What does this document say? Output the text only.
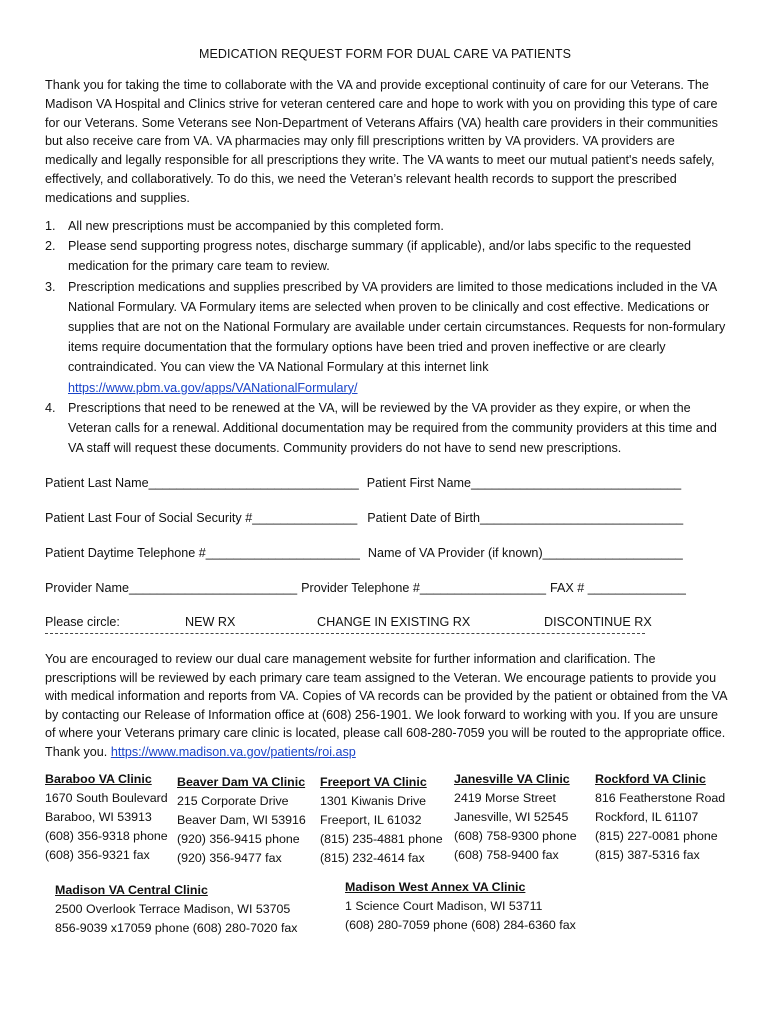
MEDICATION REQUEST FORM FOR DUAL CARE VA PATIENTS

Thank you for taking the time to collaborate with the VA and provide exceptional continuity of care for our Veterans. The Madison VA Hospital and Clinics strive for veteran centered care and hope to work with you on providing this type of care for our Veterans. Some Veterans see Non-Department of Veterans Affairs (VA) health care providers in their communities but also receive care from VA. VA pharmacies may only fill prescriptions written by VA providers. VA providers are medically and legally responsible for all prescriptions they write. The VA wants to meet our mutual patient's needs safely, effectively, and collaboratively. To do this, we need the Veteran’s relevant health records to support the prescribed medications and supplies.

1. All new prescriptions must be accompanied by this completed form.
2. Please send supporting progress notes, discharge summary (if applicable), and/or labs specific to the requested medication for the primary care team to review.
3. Prescription medications and supplies prescribed by VA providers are limited to those medications included in the VA National Formulary. VA Formulary items are selected when proven to be clinically and cost effective. Medications or supplies that are not on the National Formulary are available under certain circumstances. Requests for non-formulary items require documentation that the formulary options have been tried and proven ineffective or are clearly contraindicated. You can view the VA National Formulary at this internet link
https://www.pbm.va.gov/apps/VANationalFormulary/
4. Prescriptions that need to be renewed at the VA, will be reviewed by the VA provider as they expire, or when the Veteran calls for a renewal. Additional documentation may be required from the community providers at this time and VA staff will request these documents. Community providers do not have to send new prescriptions.
Patient Last Name______________________________ Patient First Name______________________________
Patient Last Four of Social Security #_______________ Patient Date of Birth_____________________________
Patient Daytime Telephone #______________________ Name of VA Provider (if known)____________________
Provider Name________________________ Provider Telephone #__________________ FAX # ______________
Please circle:	NEW RX	CHANGE IN EXISTING RX	DISCONTINUE RX

You are encouraged to review our dual care management website for further information and clarification. The prescriptions will be reviewed by each primary care team assigned to the Veteran. We encourage patients to provide you with medical information and reports from VA. Copies of VA records can be provided by the patient or obtained from the VA by contacting our Release of Information office at (608) 256-1901. We look forward to working with you. If you are unsure of where your Veterans primary care clinic is located, please call 608-280-7059 you will be routed to the appropriate office. Thank you. https://www.madison.va.gov/patients/roi.asp

Baraboo VA Clinic
1670 South Boulevard
Baraboo, WI 53913
(608) 356-9318 phone
(608) 356-9321 fax
Beaver Dam VA Clinic
215 Corporate Drive
Beaver Dam, WI 53916
(920) 356-9415 phone
(920) 356-9477 fax
Freeport VA Clinic
1301 Kiwanis Drive
Freeport, IL 61032
(815) 235-4881 phone
(815) 232-4614 fax
Janesville VA Clinic
2419 Morse Street
Janesville, WI 52545
(608) 758-9300 phone
(608) 758-9400 fax
Rockford VA Clinic
816 Featherstone Road
Rockford, IL 61107
(815) 227-0081 phone
(815) 387-5316 fax
Madison VA Central Clinic
2500 Overlook Terrace Madison, WI 53705
856-9039 x17059 phone (608) 280-7020 fax
Madison West Annex VA Clinic
1 Science Court Madison, WI 53711
(608) 280-7059 phone (608) 284-6360 fax
